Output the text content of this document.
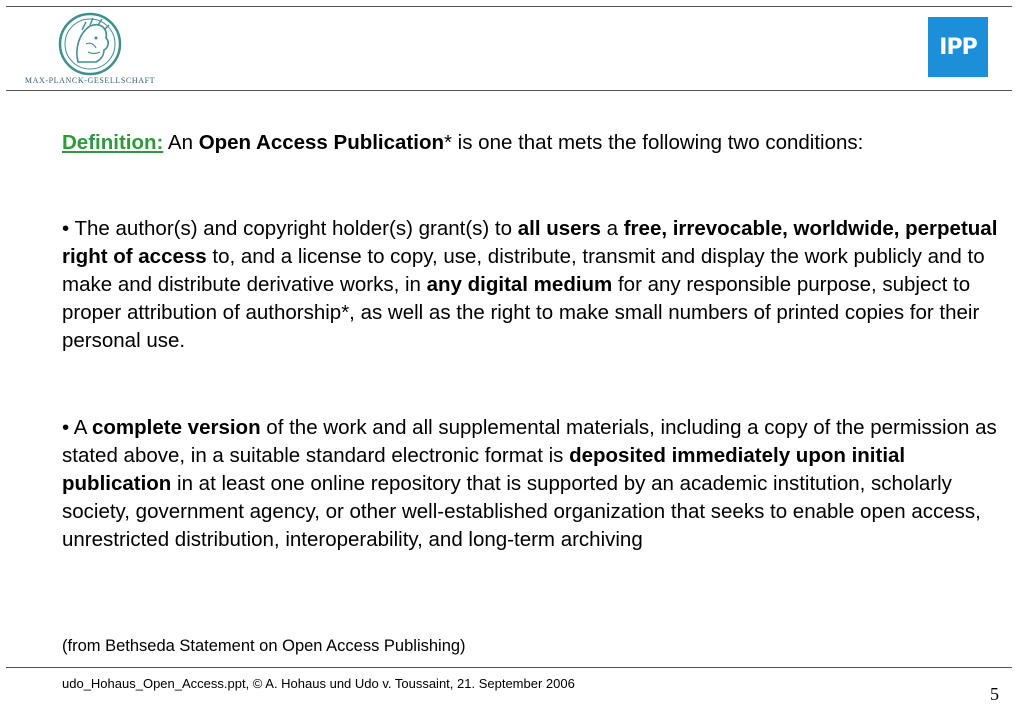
MAX-PLANCK-GESELLSCHAFT
IPP
Definition: An Open Access Publication* is one that mets the following two conditions:
• The author(s) and copyright holder(s) grant(s) to all users a free, irrevocable, worldwide, perpetual right of access to, and a license to copy, use, distribute, transmit and display the work publicly and to make and distribute derivative works, in any digital medium for any responsible purpose, subject to proper attribution of authorship*, as well as the right to make small numbers of printed copies for their personal use.
• A complete version of the work and all supplemental materials, including a copy of the permission as stated above, in a suitable standard electronic format is deposited immediately upon initial publication in at least one online repository that is supported by an academic institution, scholarly society, government agency, or other well-established organization that seeks to enable open access, unrestricted distribution, interoperability, and long-term archiving
(from Bethseda Statement on Open Access Publishing)
udo_Hohaus_Open_Access.ppt, © A. Hohaus und Udo v. Toussaint, 21. September 2006
5
